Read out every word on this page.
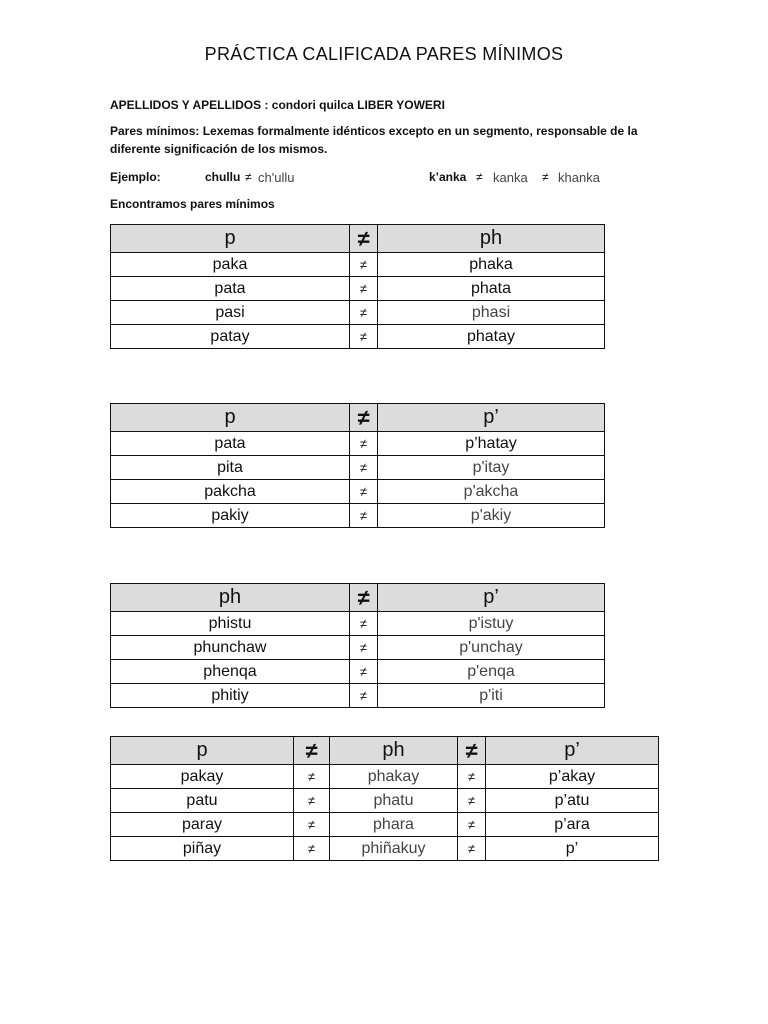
PRÁCTICA CALIFICADA PARES MÍNIMOS
APELLIDOS Y APELLIDOS : condori quilca LIBER YOWERI
Pares mínimos: Lexemas formalmente idénticos excepto en un segmento, responsable de la diferente significación de los mismos.
Ejemplo:	chullu ≠ ch'ullu	k’anka ≠ kanka ≠ khanka
Encontramos pares mínimos
p	≠	ph
paka	≠	phaka
pata	≠	phata
pasi	≠	phasi
patay	≠	phatay
p	≠	p’
pata	≠	p’hatay
pita	≠	p'itay
pakcha	≠	p'akcha
pakiy	≠	p'akiy
ph	≠	p’
phistu	≠	p'istuy
phunchaw	≠	p'unchay
phenqa	≠	p'enqa
phitiy	≠	p'iti
p	≠	ph	≠	p’
pakay	≠	phakay	≠	p’akay
patu	≠	phatu	≠	p’atu
paray	≠	phara	≠	p’ara
piñay	≠	phiñakuy	≠	p’
